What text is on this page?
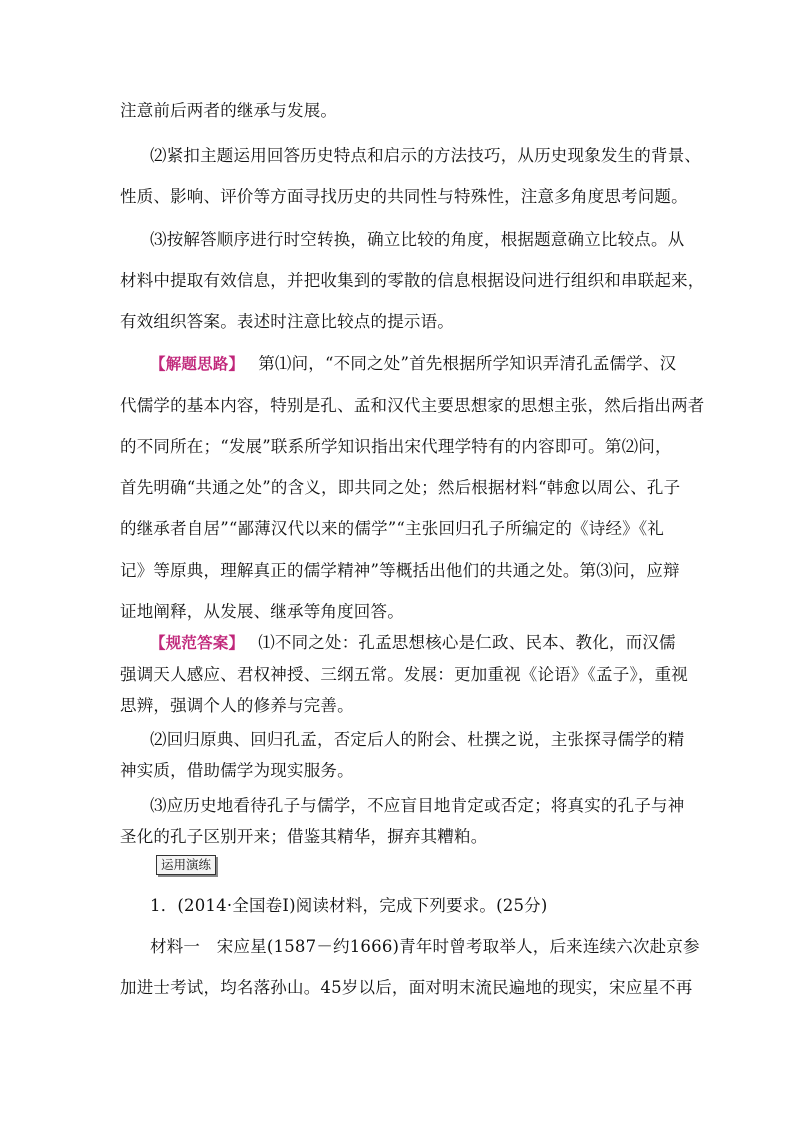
注意前后两者的继承与发展。
⑵紧扣主题运用回答历史特点和启示的方法技巧，从历史现象发生的背景、
性质、影响、评价等方面寻找历史的共同性与特殊性，注意多角度思考问题。
⑶按解答顺序进行时空转换，确立比较的角度，根据题意确立比较点。从
材料中提取有效信息，并把收集到的零散的信息根据设问进行组织和串联起来，
有效组织答案。表述时注意比较点的提示语。
【解题思路】 第⑴问，“不同之处”首先根据所学知识弄清孔孟儒学、汉
代儒学的基本内容，特别是孔、孟和汉代主要思想家的思想主张，然后指出两者
的不同所在；“发展”联系所学知识指出宋代理学特有的内容即可。第⑵问，
首先明确“共通之处”的含义，即共同之处；然后根据材料“韩愈以周公、孔子
的继承者自居”“鄙薄汉代以来的儒学”“主张回归孔子所编定的《诗经》《礼
记》等原典，理解真正的儒学精神”等概括出他们的共通之处。第⑶问，应辩
证地阐释，从发展、继承等角度回答。
【规范答案】 ⑴不同之处：孔孟思想核心是仁政、民本、教化，而汉儒
强调天人感应、君权神授、三纲五常。发展：更加重视《论语》《孟子》，重视
思辨，强调个人的修养与完善。
⑵回归原典、回归孔孟，否定后人的附会、杜撰之说，主张探寻儒学的精
神实质，借助儒学为现实服务。
⑶应历史地看待孔子与儒学，不应盲目地肯定或否定；将真实的孔子与神
圣化的孔子区别开来；借鉴其精华，摒弃其糟粕。
运用演练
1．(2014·全国卷Ⅰ)阅读材料，完成下列要求。(25分)
材料一　宋应星(1587－约1666)青年时曾考取举人，后来连续六次赴京参
加进士考试，均名落孙山。45岁以后，面对明末流民遍地的现实，宋应星不再
